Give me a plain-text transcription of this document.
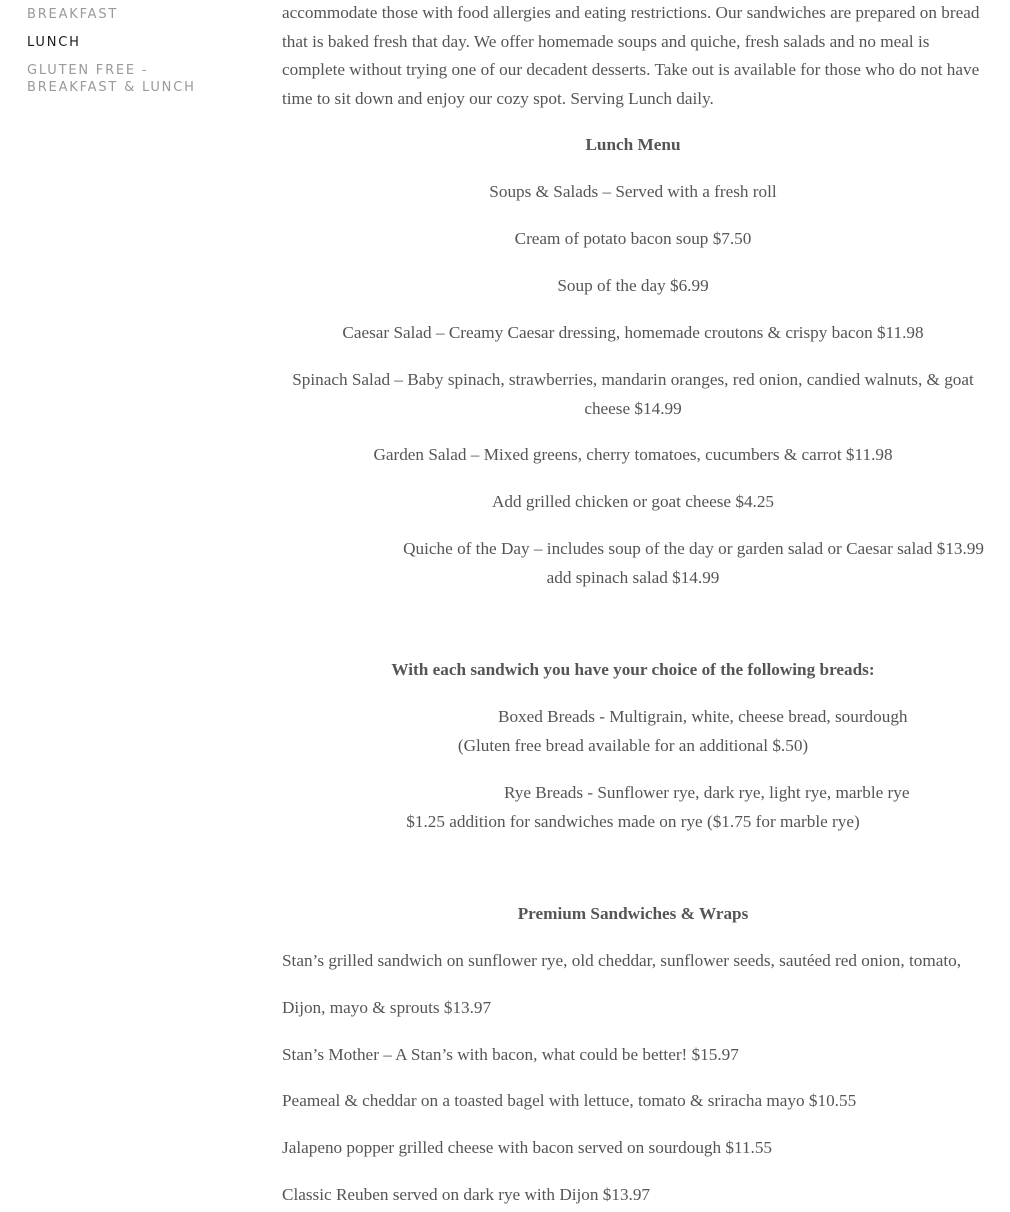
BREAKFAST
LUNCH
GLUTEN FREE -
BREAKFAST & LUNCH

accommodate those with food allergies and eating restrictions. Our sandwiches are prepared on bread that is baked fresh that day. We offer homemade soups and quiche, fresh salads and no meal is complete without trying one of our decadent desserts. Take out is available for those who do not have time to sit down and enjoy our cozy spot. Serving Lunch daily.

Lunch Menu

Soups & Salads – Served with a fresh roll

Cream of potato bacon soup $7.50

Soup of the day $6.99

Caesar Salad – Creamy Caesar dressing, homemade croutons & crispy bacon $11.98

Spinach Salad – Baby spinach, strawberries, mandarin oranges, red onion, candied walnuts, & goat cheese $14.99

Garden Salad – Mixed greens, cherry tomatoes, cucumbers & carrot $11.98

Add grilled chicken or goat cheese $4.25

Quiche of the Day – includes soup of the day or garden salad or Caesar salad $13.99

add spinach salad $14.99

With each sandwich you have your choice of the following breads:

Boxed Breads - Multigrain, white, cheese bread, sourdough

(Gluten free bread available for an additional $.50)

Rye Breads - Sunflower rye, dark rye, light rye, marble rye

$1.25 addition for sandwiches made on rye ($1.75 for marble rye)

Premium Sandwiches & Wraps

Stan’s grilled sandwich on sunflower rye, old cheddar, sunflower seeds, sautéed red onion, tomato,

Dijon, mayo & sprouts $13.97

Stan’s Mother – A Stan’s with bacon, what could be better! $15.97

Peameal & cheddar on a toasted bagel with lettuce, tomato & sriracha mayo $10.55

Jalapeno popper grilled cheese with bacon served on sourdough $11.55

Classic Reuben served on dark rye with Dijon $13.97
